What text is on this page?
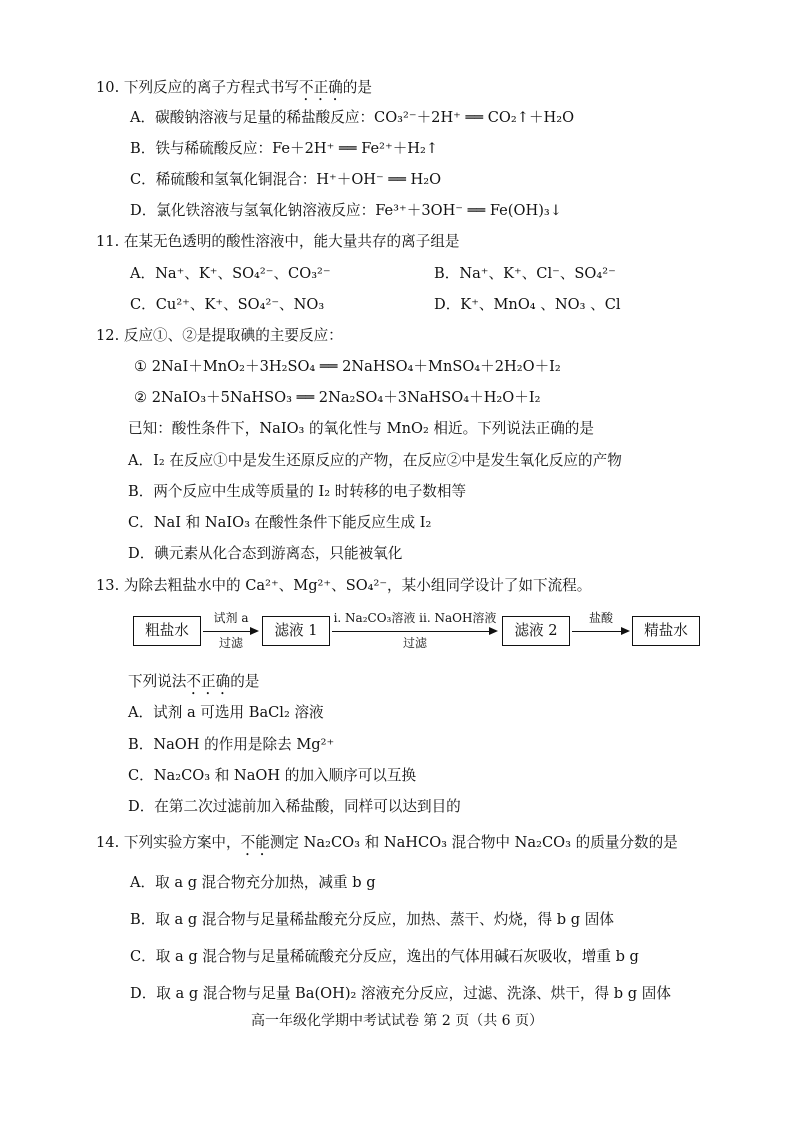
10. 下列反应的离子方程式书写不正确的是
A．碳酸钠溶液与足量的稀盐酸反应：CO₃²⁻＋2H⁺ ══ CO₂↑＋H₂O
B．铁与稀硫酸反应：Fe＋2H⁺ ══ Fe²⁺＋H₂↑
C．稀硫酸和氢氧化铜混合：H⁺＋OH⁻ ══ H₂O
D．氯化铁溶液与氢氧化钠溶液反应：Fe³⁺＋3OH⁻ ══ Fe(OH)₃↓
11. 在某无色透明的酸性溶液中，能大量共存的离子组是
A．Na⁺、K⁺、SO₄²⁻、CO₃²⁻	B．Na⁺、K⁺、Cl⁻、SO₄²⁻
C．Cu²⁺、K⁺、SO₄²⁻、NO₃	D．K⁺、MnO₄ 、NO₃ 、Cl
12. 反应①、②是提取碘的主要反应：
① 2NaI＋MnO₂＋3H₂SO₄ ══ 2NaHSO₄＋MnSO₄＋2H₂O＋I₂
② 2NaIO₃＋5NaHSO₃ ══ 2Na₂SO₄＋3NaHSO₄＋H₂O＋I₂
已知：酸性条件下，NaIO₃ 的氧化性与 MnO₂ 相近。下列说法正确的是
A．I₂ 在反应①中是发生还原反应的产物，在反应②中是发生氧化反应的产物
B．两个反应中生成等质量的 I₂ 时转移的电子数相等
C．NaI 和 NaIO₃ 在酸性条件下能反应生成 I₂
D．碘元素从化合态到游离态，只能被氧化
13. 为除去粗盐水中的 Ca²⁺、Mg²⁺、SO₄²⁻，某小组同学设计了如下流程。
粗盐水
试剂 a
过滤
滤液 1
i. Na₂CO₃溶液 ii. NaOH溶液
过滤
滤液 2
盐酸
精盐水
下列说法不正确的是
A．试剂 a 可选用 BaCl₂ 溶液
B．NaOH 的作用是除去 Mg²⁺
C．Na₂CO₃ 和 NaOH 的加入顺序可以互换
D．在第二次过滤前加入稀盐酸，同样可以达到目的
14. 下列实验方案中，不能测定 Na₂CO₃ 和 NaHCO₃ 混合物中 Na₂CO₃ 的质量分数的是
A．取 a g 混合物充分加热，减重 b g
B．取 a g 混合物与足量稀盐酸充分反应，加热、蒸干、灼烧，得 b g 固体
C．取 a g 混合物与足量稀硫酸充分反应，逸出的气体用碱石灰吸收，增重 b g
D．取 a g 混合物与足量 Ba(OH)₂ 溶液充分反应，过滤、洗涤、烘干，得 b g 固体
高一年级化学期中考试试卷 第 2 页（共 6 页）
